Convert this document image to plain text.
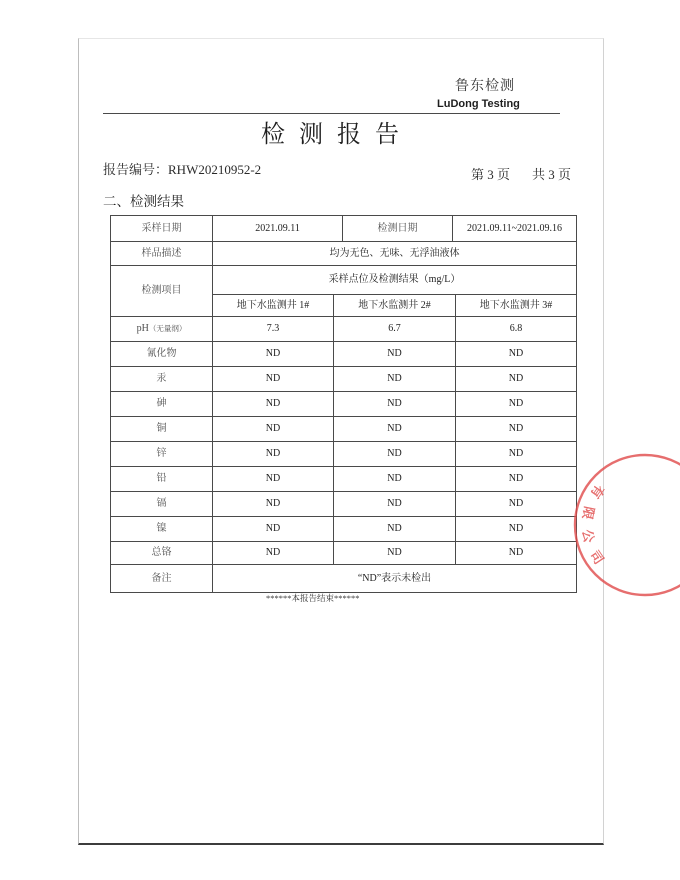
鲁东检测
LuDong Testing
检 测 报 告
报告编号：RHW20210952-2	第 3 页 共 3 页
二、检测结果
采样日期	2021.09.11		检测日期	2021.09.11~2021.09.16	
样品描述	均为无色、无味、无浮油液体				
检测项目	采样点位及检测结果（mg/L）				
	地下水监测井 1#	地下水监测井 2#			地下水监测井 3#
pH（无量纲）	7.3	6.7			6.8
氰化物	ND	ND			ND
汞	ND	ND			ND
砷	ND	ND			ND
铜	ND	ND			ND
锌	ND	ND			ND
铅	ND	ND			ND
镉	ND	ND			ND
镍	ND	ND			ND
总铬	ND	ND			ND
备注	“ND”表示未检出				
******本报告结束******
有
限
公
司
